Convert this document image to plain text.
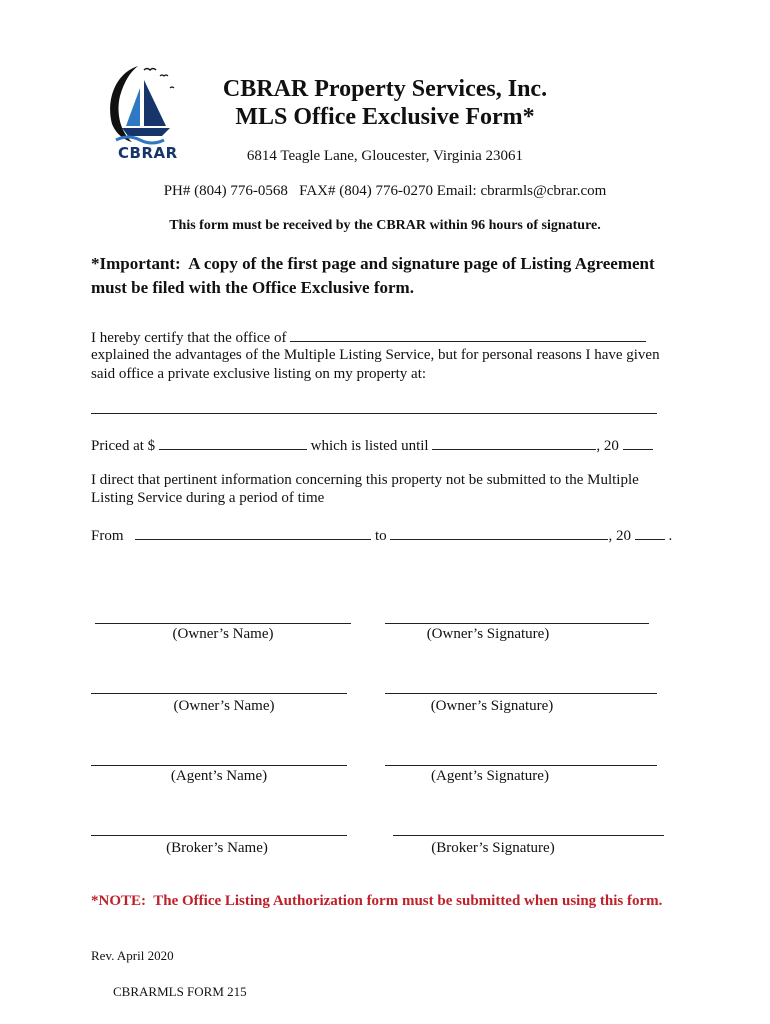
CBRAR
CBRAR Property Services, Inc.
MLS Office Exclusive Form*
6814 Teagle Lane, Gloucester, Virginia 23061
PH# (804) 776-0568   FAX# (804) 776-0270 Email: cbrarmls@cbrar.com
This form must be received by the CBRAR within 96 hours of signature.
*Important:  A copy of the first page and signature page of Listing Agreement must be filed with the Office Exclusive form.
I hereby certify that the office of
explained the advantages of the Multiple Listing Service, but for personal reasons I have given
said office a private exclusive listing on my property at:
Priced at $	which is listed until	, 20
I direct that pertinent information concerning this property not be submitted to the Multiple
Listing Service during a period of time
From	to	, 20	.
(Owner’s Name)	(Owner’s Signature)
(Owner’s Name)	(Owner’s Signature)
(Agent’s Name)	(Agent’s Signature)
(Broker’s Name)	(Broker’s Signature)
*NOTE:  The Office Listing Authorization form must be submitted when using this form.
Rev. April 2020
CBRARMLS FORM 215
